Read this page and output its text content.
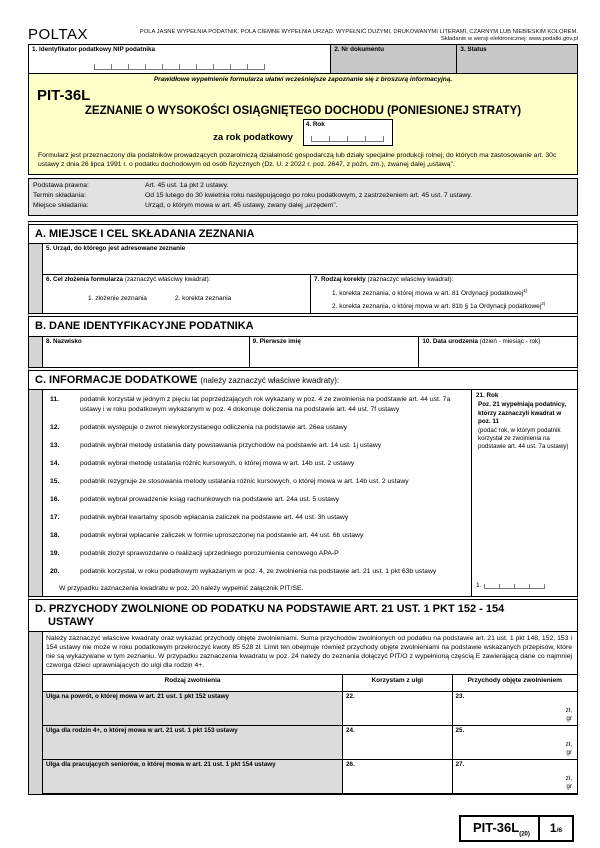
POLTAX	POLA JASNE WYPEŁNIA PODATNIK, POLA CIEMNE WYPEŁNIA URZĄD. WYPEŁNIĆ DUŻYMI, DRUKOWANYMI LITERAMI, CZARNYM LUB NIEBIESKIM KOLOREM.
Składanie w wersji elektronicznej: www.podatki.gov.pl
1. Identyfikator podatkowy NIP podatnika	2. Nr dokumentu	3. Status
Prawidłowe wypełnienie formularza ułatwi wcześniejsze zapoznanie się z broszurą informacyjną.
PIT-36L
ZEZNANIE O WYSOKOŚCI OSIĄGNIĘTEGO DOCHODU (PONIESIONEJ STRATY)
za rok podatkowy
4. Rok
Formularz jest przeznaczony dla podatników prowadzących pozarolniczą działalność gospodarczą lub działy specjalne produkcji rolnej, do których ma zastosowanie art. 30c ustawy z dnia 26 lipca 1991 r. o podatku dochodowym od osób fizycznych (Dz. U. z 2022 r. poz. 2647, z późn. zm.), zwanej dalej „ustawą”.
Podstawa prawna:	Art. 45 ust. 1a pkt 2 ustawy.
Termin składania:	Od 15 lutego do 30 kwietnia roku następującego po roku podatkowym, z zastrzeżeniem art. 45 ust. 7 ustawy.
Miejsce składania:	Urząd, o którym mowa w art. 45 ustawy, zwany dalej „urzędem”.
A. MIEJSCE I CEL SKŁADANIA ZEZNANIA
5. Urząd, do którego jest adresowane zeznanie
6. Cel złożenia formularza (zaznaczyć właściwy kwadrat):
1. złożenie zeznania	2. korekta zeznania
7. Rodzaj korekty (zaznaczyć właściwy kwadrat):
1. korekta zeznania, o której mowa w art. 81 Ordynacji podatkowej$^{1)}$
2. korekta zeznania, o której mowa w art. 81b § 1a Ordynacji podatkowej$^{2)}$
B. DANE IDENTYFIKACYJNE PODATNIKA
8. Nazwisko	9. Pierwsze imię	10. Data urodzenia (dzień - miesiąc - rok)
C. INFORMACJE DODATKOWE (należy zaznaczyć właściwe kwadraty):
11.	podatnik korzystał w jednym z pięciu lat poprzedzających rok wykazany w poz. 4 ze zwolnienia na podstawie art. 44 ust. 7a ustawy i w roku podatkowym wykazanym w poz. 4 dokonuje doliczenia na podstawie art. 44 ust. 7f ustawy
12.	podatnik występuje o zwrot niewykorzystanego odliczenia na podstawie art. 26ea ustawy
13.	podatnik wybrał metodę ustalania daty powstawania przychodów na podstawie art. 14 ust. 1j ustawy
14.	podatnik wybrał metodę ustalania różnic kursowych, o której mowa w art. 14b ust. 2 ustawy
15.	podatnik rezygnuje ze stosowania metody ustalania różnic kursowych, o której mowa w art. 14b ust. 2 ustawy
16.	podatnik wybrał prowadzenie ksiąg rachunkowych na podstawie art. 24a ust. 5 ustawy
17.	podatnik wybrał kwartalny sposób wpłacania zaliczek na podstawie art. 44 ust. 3h ustawy
18.	podatnik wybrał wpłacanie zaliczek w formie uproszczonej na podstawie art. 44 ust. 6b ustawy
19.	podatnik złożył sprawozdanie o realizacji uprzedniego porozumienia cenowego APA-P
20.	podatnik korzystał, w roku podatkowym wykazanym w poz. 4, ze zwolnienia na podstawie art. 21 ust. 1 pkt 63b ustawy
W przypadku zaznaczenia kwadratu w poz. 20 należy wypełnić załącznik PIT/SE.
21. Rok
Poz. 21 wypełniają podatnicy, którzy zaznaczyli kwadrat w poz. 11
(podać rok, w którym podatnik korzystał ze zwolnienia na podstawie art. 44 ust. 7a ustawy)
1.
D. PRZYCHODY ZWOLNIONE OD PODATKU NA PODSTAWIE ART. 21 UST. 1 PKT 152 - 154
USTAWY
Należy zaznaczyć właściwe kwadraty oraz wykazać przychody objęte zwolnieniami. Suma przychodów zwolnionych od podatku na podstawie art. 21 ust. 1 pkt 148, 152, 153 i 154 ustawy nie może w roku podatkowym przekroczyć kwoty 85 528 zł. Limit ten obejmuje również przychody objęte zwolnieniami na podstawie wskazanych przepisów, które nie są wykazywane w tym zeznaniu. W przypadku zaznaczenia kwadratu w poz. 24 należy do zeznania dołączyć PIT/O z wypełnioną częścią E zawierającą dane co najmniej czworga dzieci uprawniających do ulgi dla rodzin 4+.
Rodzaj zwolnienia	Korzystam z ulgi	Przychody objęte zwolnieniem
Ulga na powrót, o której mowa w art. 21 ust. 1 pkt 152 ustawy	22.	23.
zł,
gr
Ulga dla rodzin 4+, o której mowa w art. 21 ust. 1 pkt 153 ustawy	24.	25.
zł,
gr
Ulga dla pracujących seniorów, o której mowa w art. 21 ust. 1 pkt 154 ustawy	26.	27.
zł,
gr
PIT-$36L_{(20)}$	1 /6
